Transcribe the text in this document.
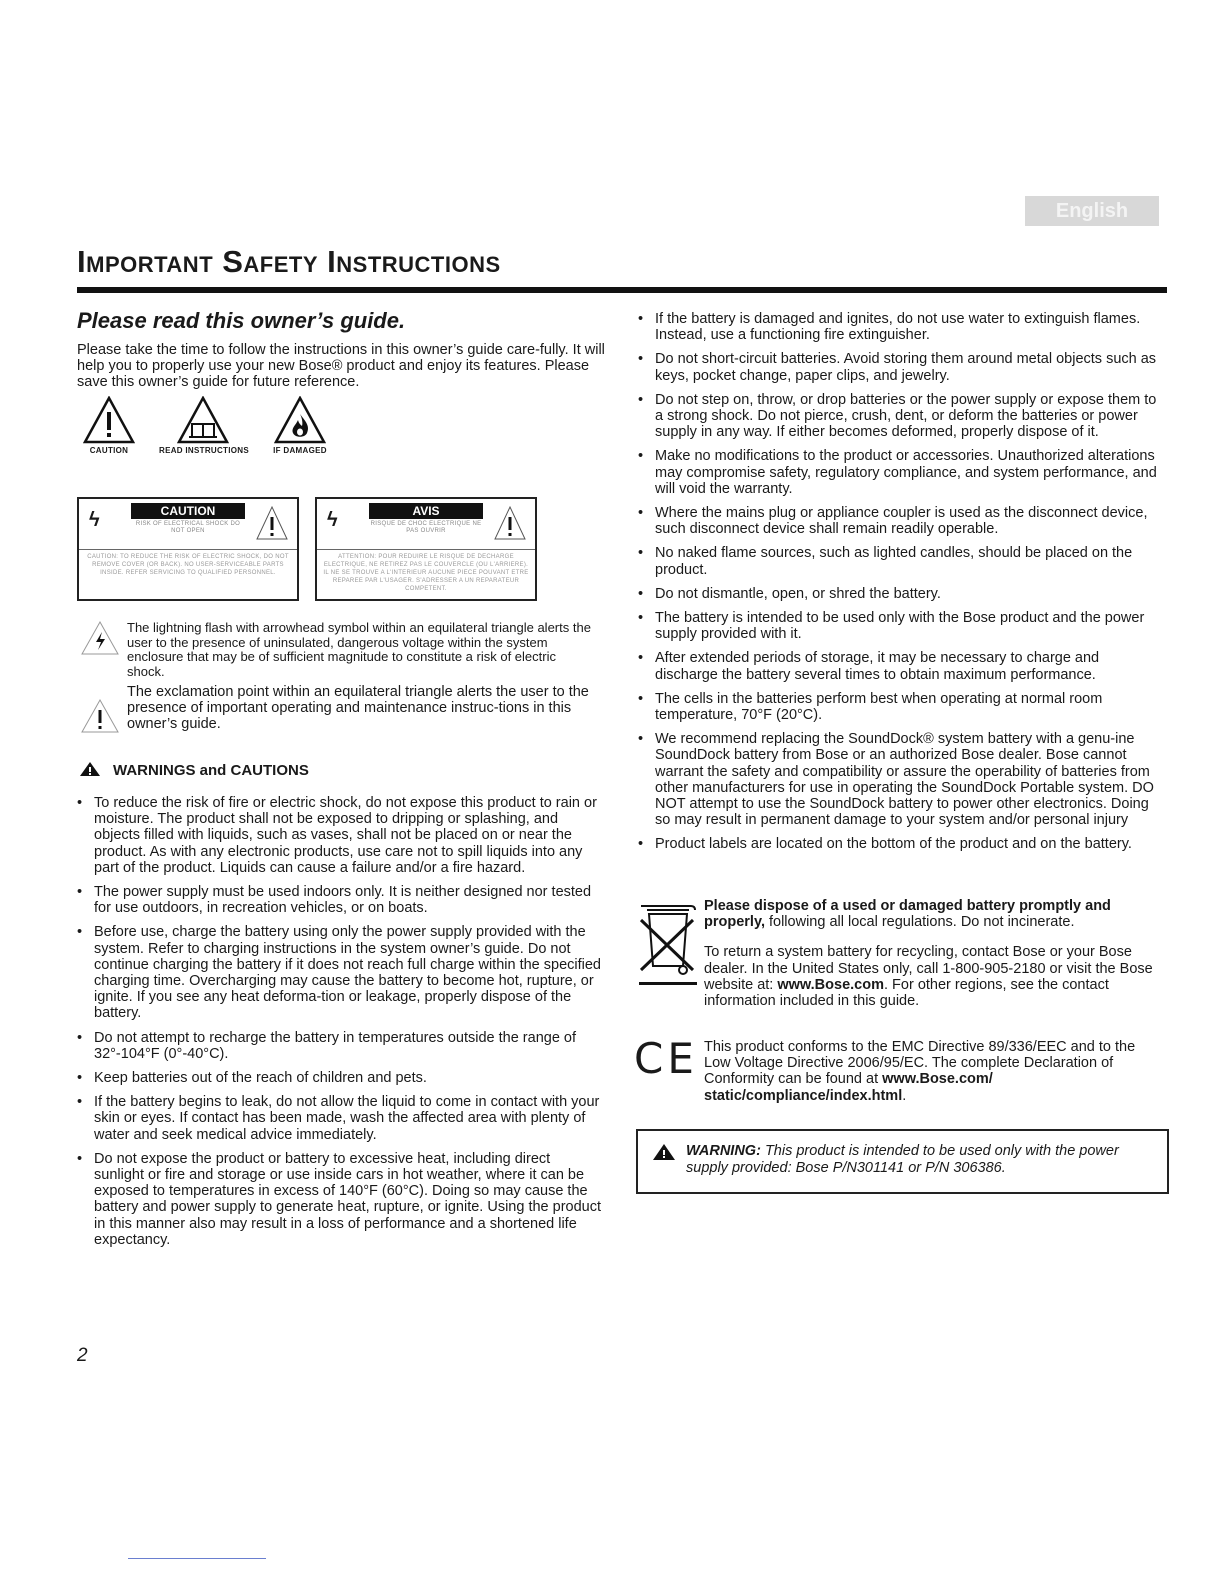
English
Important Safety Instructions
Please read this owner’s guide.
Please take the time to follow the instructions in this owner’s guide care-fully. It will help you to properly use your new Bose® product and enjoy its features. Please save this owner’s guide for future reference.
CAUTION	READ INSTRUCTIONS	IF DAMAGED
ϟ	CAUTION
RISK OF ELECTRICAL SHOCK DO NOT OPEN
CAUTION: TO REDUCE THE RISK OF ELECTRIC SHOCK, DO NOT REMOVE COVER (OR BACK). NO USER-SERVICEABLE PARTS INSIDE. REFER SERVICING TO QUALIFIED PERSONNEL.
ϟ	AVIS
RISQUE DE CHOC ELECTRIQUE NE PAS OUVRIR
ATTENTION: POUR REDUIRE LE RISQUE DE DECHARGE ELECTRIQUE, NE RETIREZ PAS LE COUVERCLE (OU L'ARRIERE). IL NE SE TROUVE A L'INTERIEUR AUCUNE PIECE POUVANT ETRE REPAREE PAR L'USAGER. S'ADRESSER A UN REPARATEUR COMPETENT.
The lightning flash with arrowhead symbol within an equilateral triangle alerts the user to the presence of uninsulated, dangerous voltage within the system enclosure that may be of sufficient magnitude to constitute a risk of electric shock.
The exclamation point within an equilateral triangle alerts the user to the presence of important operating and maintenance instruc-tions in this owner’s guide.
WARNINGS and CAUTIONS
• To reduce the risk of fire or electric shock, do not expose this product to rain or moisture. The product shall not be exposed to dripping or splashing, and objects filled with liquids, such as vases, shall not be placed on or near the product. As with any electronic products, use care not to spill liquids into any part of the product. Liquids can cause a failure and/or a fire hazard.
• The power supply must be used indoors only. It is neither designed nor tested for use outdoors, in recreation vehicles, or on boats.
• Before use, charge the battery using only the power supply provided with the system. Refer to charging instructions in the system owner’s guide. Do not continue charging the battery if it does not reach full charge within the specified charging time. Overcharging may cause the battery to become hot, rupture, or ignite. If you see any heat deforma-tion or leakage, properly dispose of the battery.
• Do not attempt to recharge the battery in temperatures outside the range of 32°-104°F (0°-40°C).
• Keep batteries out of the reach of children and pets.
• If the battery begins to leak, do not allow the liquid to come in contact with your skin or eyes. If contact has been made, wash the affected area with plenty of water and seek medical advice immediately.
• Do not expose the product or battery to excessive heat, including direct sunlight or fire and storage or use inside cars in hot weather, where it can be exposed to temperatures in excess of 140°F (60°C). Doing so may cause the battery and power supply to generate heat, rupture, or ignite. Using the product in this manner also may result in a loss of performance and a shortened life expectancy.
• If the battery is damaged and ignites, do not use water to extinguish flames. Instead, use a functioning fire extinguisher.
• Do not short-circuit batteries. Avoid storing them around metal objects such as keys, pocket change, paper clips, and jewelry.
• Do not step on, throw, or drop batteries or the power supply or expose them to a strong shock. Do not pierce, crush, dent, or deform the batteries or power supply in any way. If either becomes deformed, properly dispose of it.
• Make no modifications to the product or accessories. Unauthorized alterations may compromise safety, regulatory compliance, and system performance, and will void the warranty.
• Where the mains plug or appliance coupler is used as the disconnect device, such disconnect device shall remain readily operable.
• No naked flame sources, such as lighted candles, should be placed on the product.
• Do not dismantle, open, or shred the battery.
• The battery is intended to be used only with the Bose product and the power supply provided with it.
• After extended periods of storage, it may be necessary to charge and discharge the battery several times to obtain maximum performance.
• The cells in the batteries perform best when operating at normal room temperature, 70°F (20°C).
• We recommend replacing the SoundDock® system battery with a genu-ine SoundDock battery from Bose or an authorized Bose dealer. Bose cannot warrant the safety and compatibility or assure the operability of batteries from other manufacturers for use in operating the SoundDock Portable system. DO NOT attempt to use the SoundDock battery to power other electronics. Doing so may result in permanent damage to your system and/or personal injury
• Product labels are located on the bottom of the product and on the battery.
Please dispose of a used or damaged battery promptly and properly, following all local regulations. Do not incinerate.
To return a system battery for recycling, contact Bose or your Bose dealer. In the United States only, call 1-800-905-2180 or visit the Bose website at: www.Bose.com. For other regions, see the contact information included in this guide.
CE This product conforms to the EMC Directive 89/336/EEC and to the Low Voltage Directive 2006/95/EC. The complete Declaration of Conformity can be found at www.Bose.com/ static/compliance/index.html.
WARNING: This product is intended to be used only with the power supply provided: Bose P/N301141 or P/N 306386.
2
